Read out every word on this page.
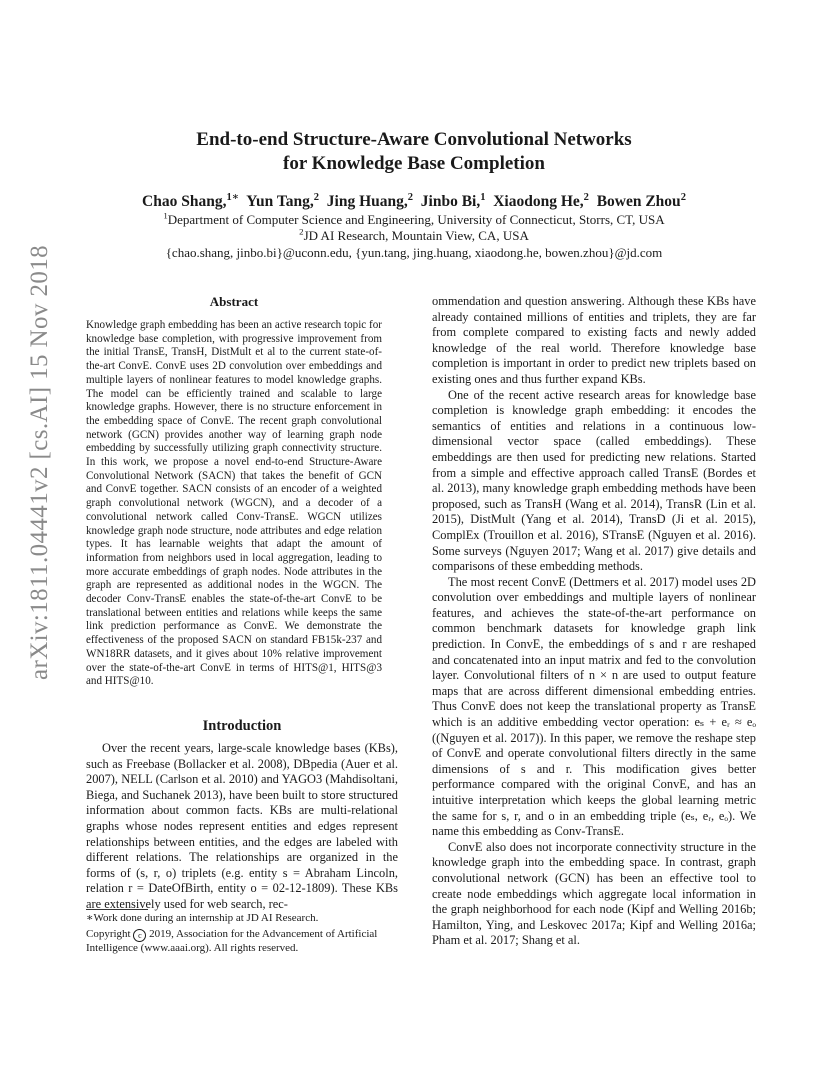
arXiv:1811.04441v2 [cs.AI] 15 Nov 2018
End-to-end Structure-Aware Convolutional Networks
for Knowledge Base Completion

Chao Shang,$^{1∗}$ Yun Tang,$^2$ Jing Huang,$^2$ Jinbo Bi,$^1$ Xiaodong He,$^2$ Bowen Zhou$^2$

$^1$Department of Computer Science and Engineering, University of Connecticut, Storrs, CT, USA

$^2$JD AI Research, Mountain View, CA, USA

{chao.shang, jinbo.bi}@uconn.edu, {yun.tang, jing.huang, xiaodong.he, bowen.zhou}@jd.com

Abstract

Knowledge graph embedding has been an active research topic for knowledge base completion, with progressive improvement from the initial TransE, TransH, DistMult et al to the current state-of-the-art ConvE. ConvE uses 2D convolution over embeddings and multiple layers of nonlinear features to model knowledge graphs. The model can be efficiently trained and scalable to large knowledge graphs. However, there is no structure enforcement in the embedding space of ConvE. The recent graph convolutional network (GCN) provides another way of learning graph node embedding by successfully utilizing graph connectivity structure. In this work, we propose a novel end-to-end Structure-Aware Convolutional Network (SACN) that takes the benefit of GCN and ConvE together. SACN consists of an encoder of a weighted graph convolutional network (WGCN), and a decoder of a convolutional network called Conv-TransE. WGCN utilizes knowledge graph node structure, node attributes and edge relation types. It has learnable weights that adapt the amount of information from neighbors used in local aggregation, leading to more accurate embeddings of graph nodes. Node attributes in the graph are represented as additional nodes in the WGCN. The decoder Conv-TransE enables the state-of-the-art ConvE to be translational between entities and relations while keeps the same link prediction performance as ConvE. We demonstrate the effectiveness of the proposed SACN on standard FB15k-237 and WN18RR datasets, and it gives about 10% relative improvement over the state-of-the-art ConvE in terms of HITS@1, HITS@3 and HITS@10.

Introduction

Over the recent years, large-scale knowledge bases (KBs), such as Freebase (Bollacker et al. 2008), DBpedia (Auer et al. 2007), NELL (Carlson et al. 2010) and YAGO3 (Mahdisoltani, Biega, and Suchanek 2013), have been built to store structured information about common facts. KBs are multi-relational graphs whose nodes represent entities and edges represent relationships between entities, and the edges are labeled with different relations. The relationships are organized in the forms of (s, r, o) triplets (e.g. entity s = Abraham Lincoln, relation r = DateOfBirth, entity o = 02-12-1809). These KBs are extensively used for web search, rec-

∗Work done during an internship at JD AI Research.

Copyright c 2019, Association for the Advancement of Artificial Intelligence (www.aaai.org). All rights reserved.

ommendation and question answering. Although these KBs have already contained millions of entities and triplets, they are far from complete compared to existing facts and newly added knowledge of the real world. Therefore knowledge base completion is important in order to predict new triplets based on existing ones and thus further expand KBs.

One of the recent active research areas for knowledge base completion is knowledge graph embedding: it encodes the semantics of entities and relations in a continuous low-dimensional vector space (called embeddings). These embeddings are then used for predicting new relations. Started from a simple and effective approach called TransE (Bordes et al. 2013), many knowledge graph embedding methods have been proposed, such as TransH (Wang et al. 2014), TransR (Lin et al. 2015), DistMult (Yang et al. 2014), TransD (Ji et al. 2015), ComplEx (Trouillon et al. 2016), STransE (Nguyen et al. 2016). Some surveys (Nguyen 2017; Wang et al. 2017) give details and comparisons of these embedding methods.

The most recent ConvE (Dettmers et al. 2017) model uses 2D convolution over embeddings and multiple layers of nonlinear features, and achieves the state-of-the-art performance on common benchmark datasets for knowledge graph link prediction. In ConvE, the embeddings of s and r are reshaped and concatenated into an input matrix and fed to the convolution layer. Convolutional filters of n × n are used to output feature maps that are across different dimensional embedding entries. Thus ConvE does not keep the translational property as TransE which is an additive embedding vector operation: eₛ + eᵣ ≈ eₒ ((Nguyen et al. 2017)). In this paper, we remove the reshape step of ConvE and operate convolutional filters directly in the same dimensions of s and r. This modification gives better performance compared with the original ConvE, and has an intuitive interpretation which keeps the global learning metric the same for s, r, and o in an embedding triple (eₛ, eᵣ, eₒ). We name this embedding as Conv-TransE.

ConvE also does not incorporate connectivity structure in the knowledge graph into the embedding space. In contrast, graph convolutional network (GCN) has been an effective tool to create node embeddings which aggregate local information in the graph neighborhood for each node (Kipf and Welling 2016b; Hamilton, Ying, and Leskovec 2017a; Kipf and Welling 2016a; Pham et al. 2017; Shang et al.
